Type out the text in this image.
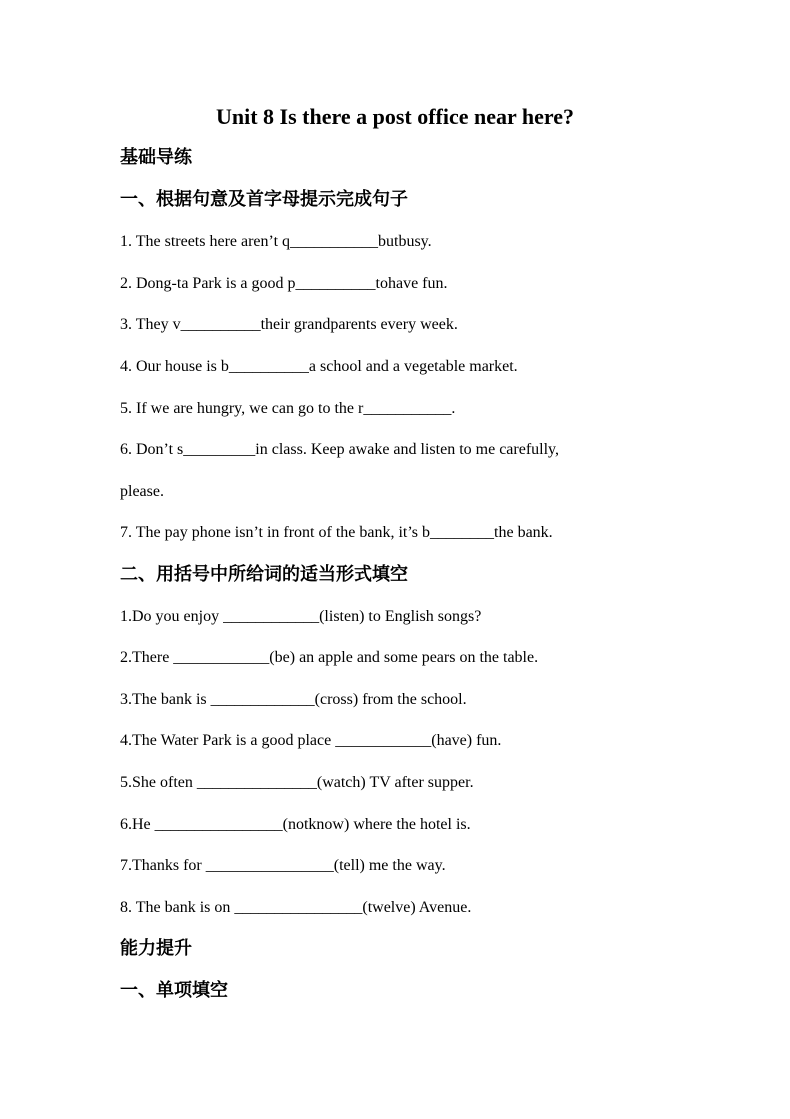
Unit 8 Is there a post office near here?
基础导练
一、根据句意及首字母提示完成句子
1. The streets here aren’t q___________butbusy.
2. Dong-ta Park is a good p__________tohave fun.
3. They v__________their grandparents every week.
4. Our house is b__________a school and a vegetable market.
5. If we are hungry, we can go to the r___________.
6. Don’t s_________in class. Keep awake and listen to me carefully,
please.
7. The pay phone isn’t in front of the bank, it’s b________the bank.
二、用括号中所给词的适当形式填空
1.Do you enjoy ____________(listen) to English songs?
2.There ____________(be) an apple and some pears on the table.
3.The bank is _____________(cross) from the school.
4.The Water Park is a good place ____________(have) fun.
5.She often _______________(watch) TV after supper.
6.He ________________(notknow) where the hotel is.
7.Thanks for ________________(tell) me the way.
8. The bank is on ________________(twelve) Avenue.
能力提升
一、单项填空
